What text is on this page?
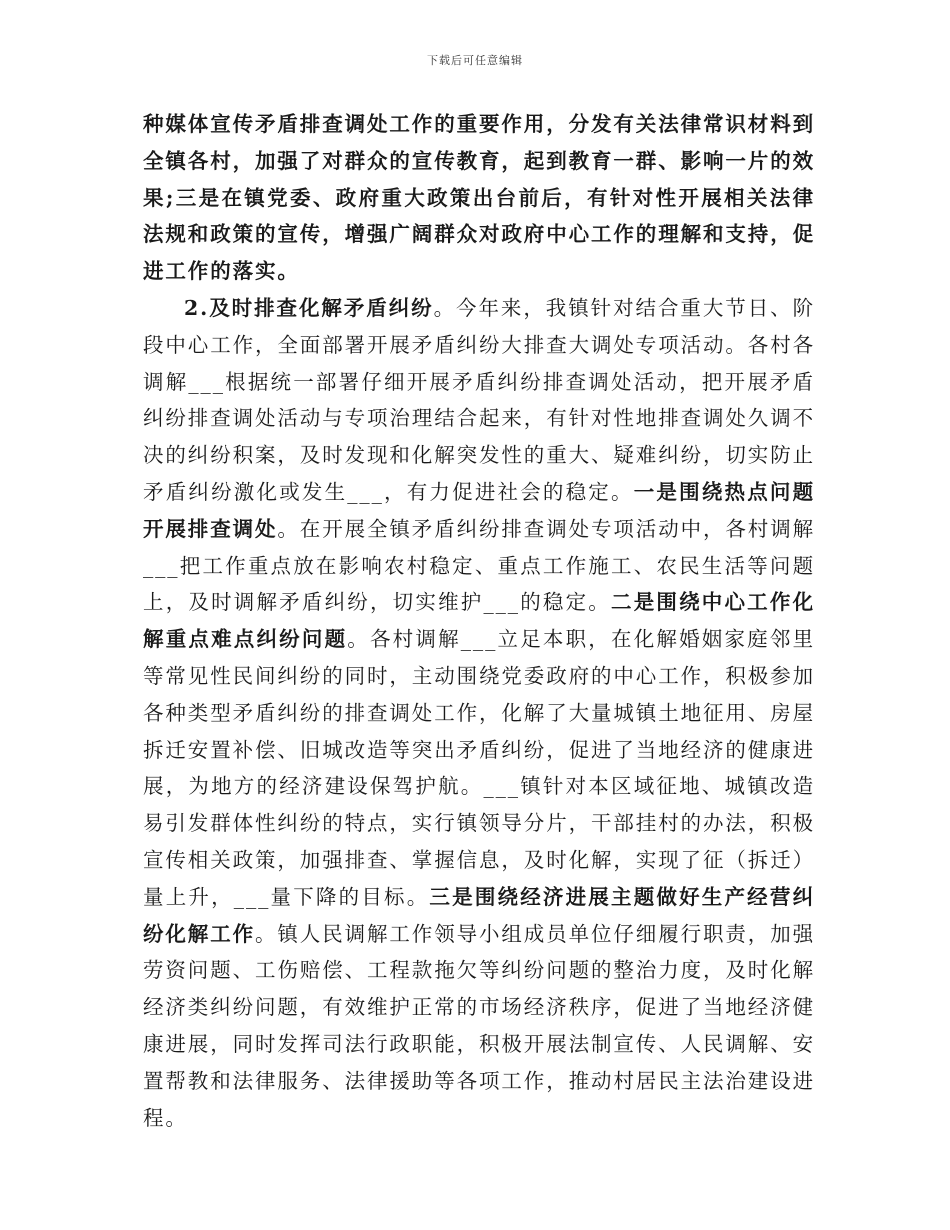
下载后可任意编辑

种媒体宣传矛盾排查调处工作的重要作用，分发有关法律常识材料到全镇各村，加强了对群众的宣传教育，起到教育一群、影响一片的效果;三是在镇党委、政府重大政策出台前后，有针对性开展相关法律法规和政策的宣传，增强广阔群众对政府中心工作的理解和支持，促进工作的落实。

2.及时排查化解矛盾纠纷。今年来，我镇针对结合重大节日、阶段中心工作，全面部署开展矛盾纠纷大排查大调处专项活动。各村各调解___根据统一部署仔细开展矛盾纠纷排查调处活动，把开展矛盾纠纷排查调处活动与专项治理结合起来，有针对性地排查调处久调不决的纠纷积案，及时发现和化解突发性的重大、疑难纠纷，切实防止矛盾纠纷激化或发生___，有力促进社会的稳定。一是围绕热点问题开展排查调处。在开展全镇矛盾纠纷排查调处专项活动中，各村调解___把工作重点放在影响农村稳定、重点工作施工、农民生活等问题上，及时调解矛盾纠纷，切实维护___的稳定。二是围绕中心工作化解重点难点纠纷问题。各村调解___立足本职，在化解婚姻家庭邻里等常见性民间纠纷的同时，主动围绕党委政府的中心工作，积极参加各种类型矛盾纠纷的排查调处工作，化解了大量城镇土地征用、房屋拆迁安置补偿、旧城改造等突出矛盾纠纷，促进了当地经济的健康进展，为地方的经济建设保驾护航。___镇针对本区域征地、城镇改造易引发群体性纠纷的特点，实行镇领导分片，干部挂村的办法，积极宣传相关政策，加强排查、掌握信息，及时化解，实现了征（拆迁）量上升，___量下降的目标。三是围绕经济进展主题做好生产经营纠纷化解工作。镇人民调解工作领导小组成员单位仔细履行职责，加强劳资问题、工伤赔偿、工程款拖欠等纠纷问题的整治力度，及时化解经济类纠纷问题，有效维护正常的市场经济秩序，促进了当地经济健康进展，同时发挥司法行政职能，积极开展法制宣传、人民调解、安置帮教和法律服务、法律援助等各项工作，推动村居民主法治建设进程。
